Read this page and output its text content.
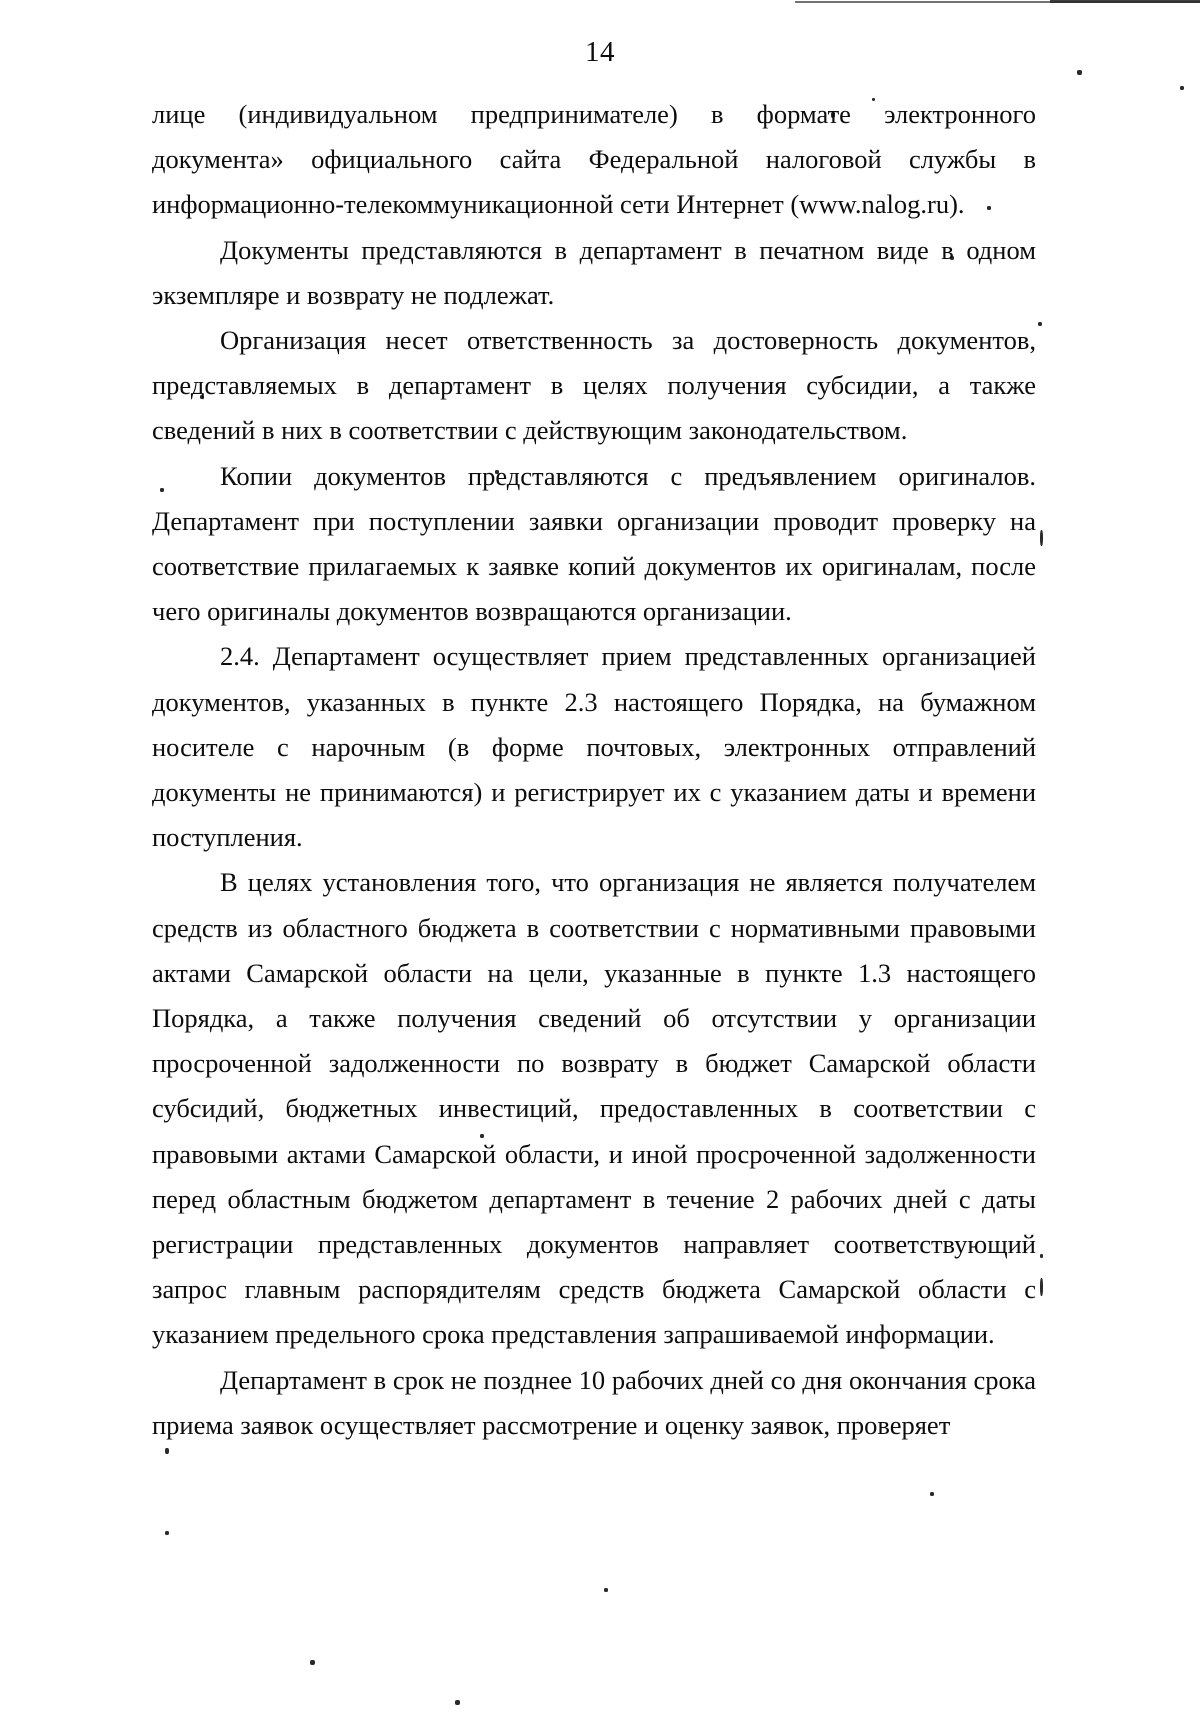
14

лице (индивидуальном предпринимателе) в формате электронного документа» официального сайта Федеральной налоговой службы в информационно-телекоммуникационной сети Интернет (www.nalog.ru).

Документы представляются в департамент в печатном виде в одном экземпляре и возврату не подлежат.

Организация несет ответственность за достоверность документов, представляемых в департамент в целях получения субсидии, а также сведений в них в соответствии с действующим законодательством.

Копии документов представляются с предъявлением оригиналов. Департамент при поступлении заявки организации проводит проверку на соответствие прилагаемых к заявке копий документов их оригиналам, после чего оригиналы документов возвращаются организации.

2.4. Департамент осуществляет прием представленных организацией документов, указанных в пункте 2.3 настоящего Порядка, на бумажном носителе с нарочным (в форме почтовых, электронных отправлений документы не принимаются) и регистрирует их с указанием даты и времени поступления.

В целях установления того, что организация не является получателем средств из областного бюджета в соответствии с нормативными правовыми актами Самарской области на цели, указанные в пункте 1.3 настоящего Порядка, а также получения сведений об отсутствии у организации просроченной задолженности по возврату в бюджет Самарской области субсидий, бюджетных инвестиций, предоставленных в соответствии с правовыми актами Самарской области, и иной просроченной задолженности перед областным бюджетом департамент в течение 2 рабочих дней с даты регистрации представленных документов направляет соответствующий запрос главным распорядителям средств бюджета Самарской области с указанием предельного срока представления запрашиваемой информации.

Департамент в срок не позднее 10 рабочих дней со дня окончания срока приема заявок осуществляет рассмотрение и оценку заявок, проверяет
